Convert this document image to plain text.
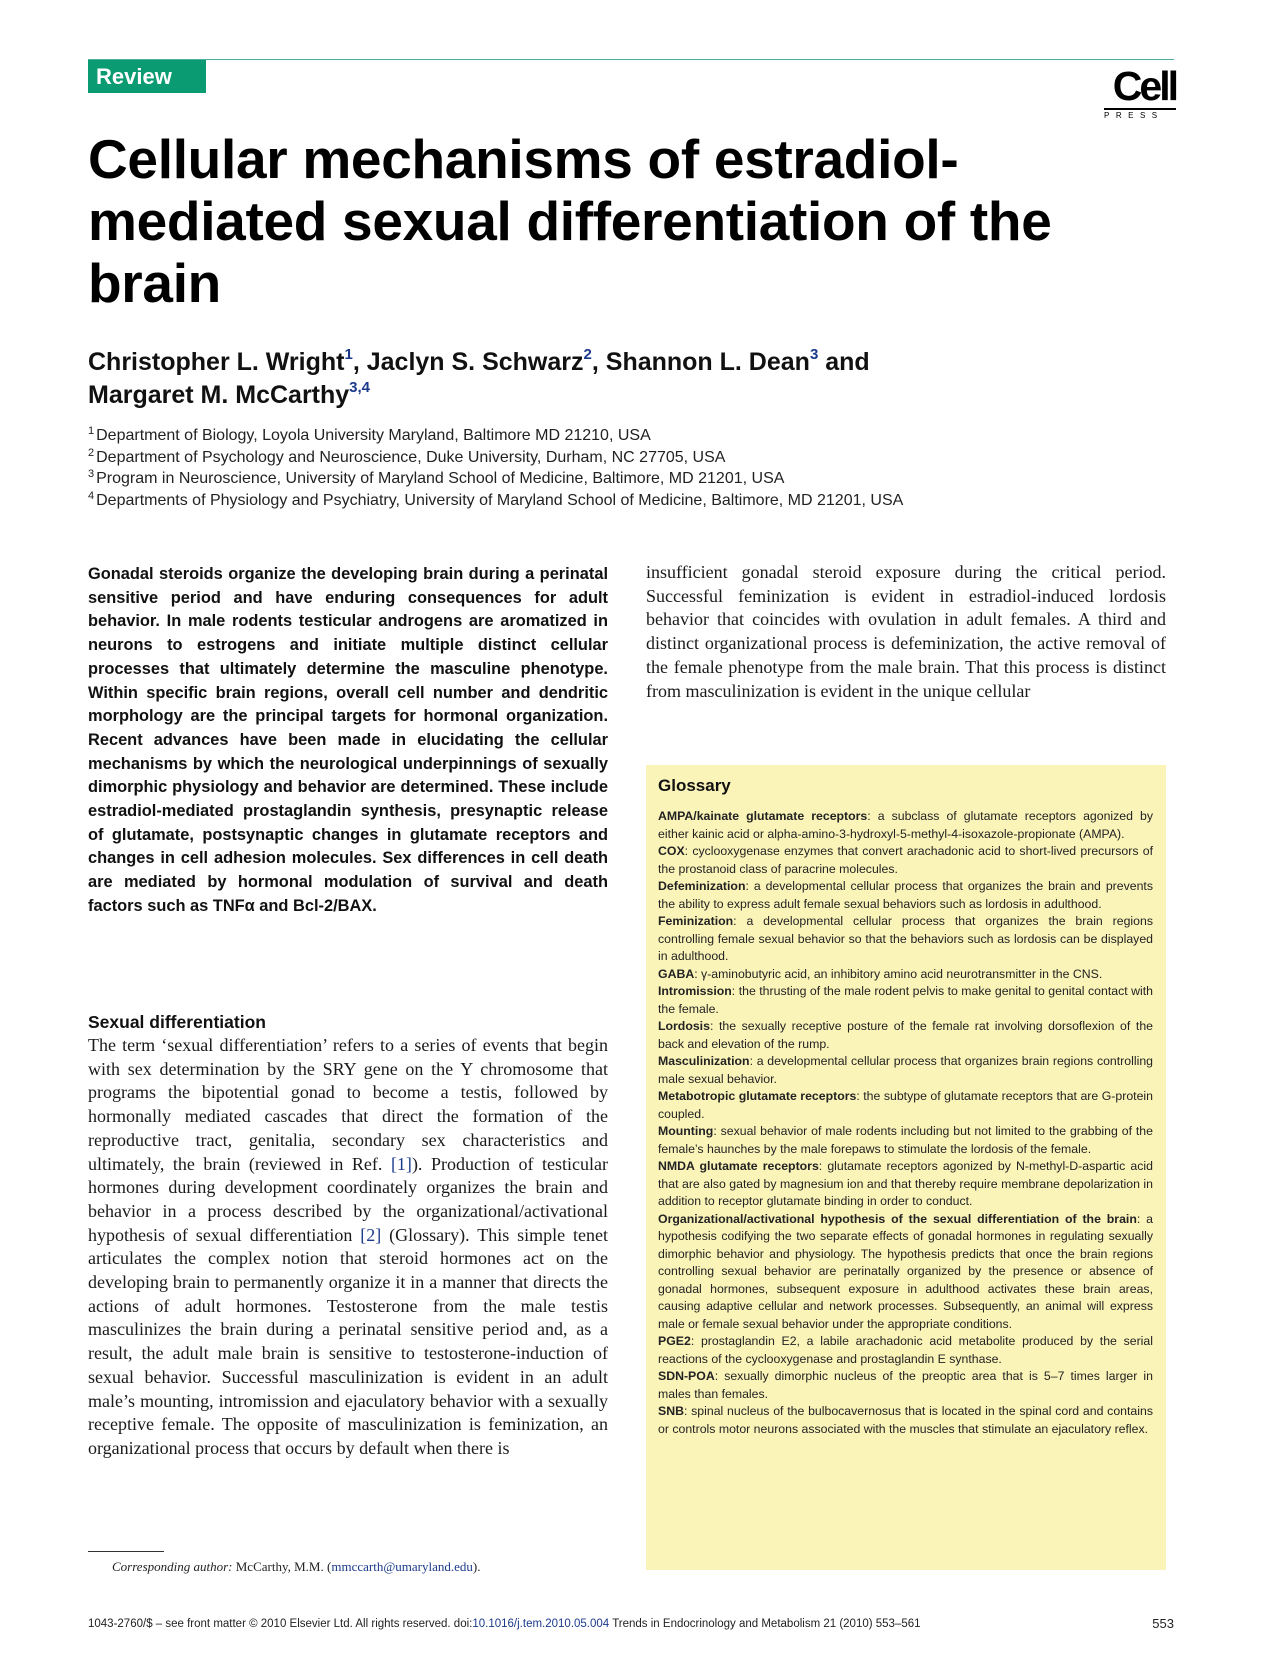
Review	Cell
PRESS
Cellular mechanisms of estradiol-mediated sexual differentiation of the brain
Christopher L. Wright$^1$, Jaclyn S. Schwarz$^2$, Shannon L. Dean$^3$ and
Margaret M. McCarthy$^{3,4}$
$^1$ Department of Biology, Loyola University Maryland, Baltimore MD 21210, USA
$^2$ Department of Psychology and Neuroscience, Duke University, Durham, NC 27705, USA
$^3$ Program in Neuroscience, University of Maryland School of Medicine, Baltimore, MD 21201, USA
$^4$ Departments of Physiology and Psychiatry, University of Maryland School of Medicine, Baltimore, MD 21201, USA
Gonadal steroids organize the developing brain during a perinatal sensitive period and have enduring consequences for adult behavior. In male rodents testicular androgens are aromatized in neurons to estrogens and initiate multiple distinct cellular processes that ultimately determine the masculine phenotype. Within specific brain regions, overall cell number and dendritic morphology are the principal targets for hormonal organization. Recent advances have been made in elucidating the cellular mechanisms by which the neurological underpinnings of sexually dimorphic physiology and behavior are determined. These include estradiol-mediated prostaglandin synthesis, presynaptic release of glutamate, postsynaptic changes in glutamate receptors and changes in cell adhesion molecules. Sex differences in cell death are mediated by hormonal modulation of survival and death factors such as TNFα and Bcl-2/BAX.
Sexual differentiation
The term ‘sexual differentiation’ refers to a series of events that begin with sex determination by the SRY gene on the Y chromosome that programs the bipotential gonad to become a testis, followed by hormonally mediated cascades that direct the formation of the reproductive tract, genitalia, secondary sex characteristics and ultimately, the brain (reviewed in Ref. [1]). Production of testicular hormones during development coordinately organizes the brain and behavior in a process described by the organizational/activational hypothesis of sexual differentiation [2] (Glossary). This simple tenet articulates the complex notion that steroid hormones act on the developing brain to permanently organize it in a manner that directs the actions of adult hormones. Testosterone from the male testis masculinizes the brain during a perinatal sensitive period and, as a result, the adult male brain is sensitive to testosterone-induction of sexual behavior. Successful masculinization is evident in an adult male’s mounting, intromission and ejaculatory behavior with a sexually receptive female. The opposite of masculinization is feminization, an organizational process that occurs by default when there is
insufficient gonadal steroid exposure during the critical period. Successful feminization is evident in estradiol-induced lordosis behavior that coincides with ovulation in adult females. A third and distinct organizational process is defeminization, the active removal of the female phenotype from the male brain. That this process is distinct from masculinization is evident in the unique cellular
Glossary

AMPA/kainate glutamate receptors: a subclass of glutamate receptors agonized by either kainic acid or alpha-amino-3-hydroxyl-5-methyl-4-isoxazole-propionate (AMPA).

COX: cyclooxygenase enzymes that convert arachadonic acid to short-lived precursors of the prostanoid class of paracrine molecules.

Defeminization: a developmental cellular process that organizes the brain and prevents the ability to express adult female sexual behaviors such as lordosis in adulthood.

Feminization: a developmental cellular process that organizes the brain regions controlling female sexual behavior so that the behaviors such as lordosis can be displayed in adulthood.

GABA: γ-aminobutyric acid, an inhibitory amino acid neurotransmitter in the CNS.

Intromission: the thrusting of the male rodent pelvis to make genital to genital contact with the female.

Lordosis: the sexually receptive posture of the female rat involving dorsoflexion of the back and elevation of the rump.

Masculinization: a developmental cellular process that organizes brain regions controlling male sexual behavior.

Metabotropic glutamate receptors: the subtype of glutamate receptors that are G-protein coupled.

Mounting: sexual behavior of male rodents including but not limited to the grabbing of the female’s haunches by the male forepaws to stimulate the lordosis of the female.

NMDA glutamate receptors: glutamate receptors agonized by N-methyl-D-aspartic acid that are also gated by magnesium ion and that thereby require membrane depolarization in addition to receptor glutamate binding in order to conduct.

Organizational/activational hypothesis of the sexual differentiation of the brain: a hypothesis codifying the two separate effects of gonadal hormones in regulating sexually dimorphic behavior and physiology. The hypothesis predicts that once the brain regions controlling sexual behavior are perinatally organized by the presence or absence of gonadal hormones, subsequent exposure in adulthood activates these brain areas, causing adaptive cellular and network processes. Subsequently, an animal will express male or female sexual behavior under the appropriate conditions.

PGE2: prostaglandin E2, a labile arachadonic acid metabolite produced by the serial reactions of the cyclooxygenase and prostaglandin E synthase.

SDN-POA: sexually dimorphic nucleus of the preoptic area that is 5–7 times larger in males than females.

SNB: spinal nucleus of the bulbocavernosus that is located in the spinal cord and contains or controls motor neurons associated with the muscles that stimulate an ejaculatory reflex.

Corresponding author: McCarthy, M.M. (mmccarth@umaryland.edu).
1043-2760/$ – see front matter © 2010 Elsevier Ltd. All rights reserved. doi:10.1016/j.tem.2010.05.004 Trends in Endocrinology and Metabolism 21 (2010) 553–561	553
